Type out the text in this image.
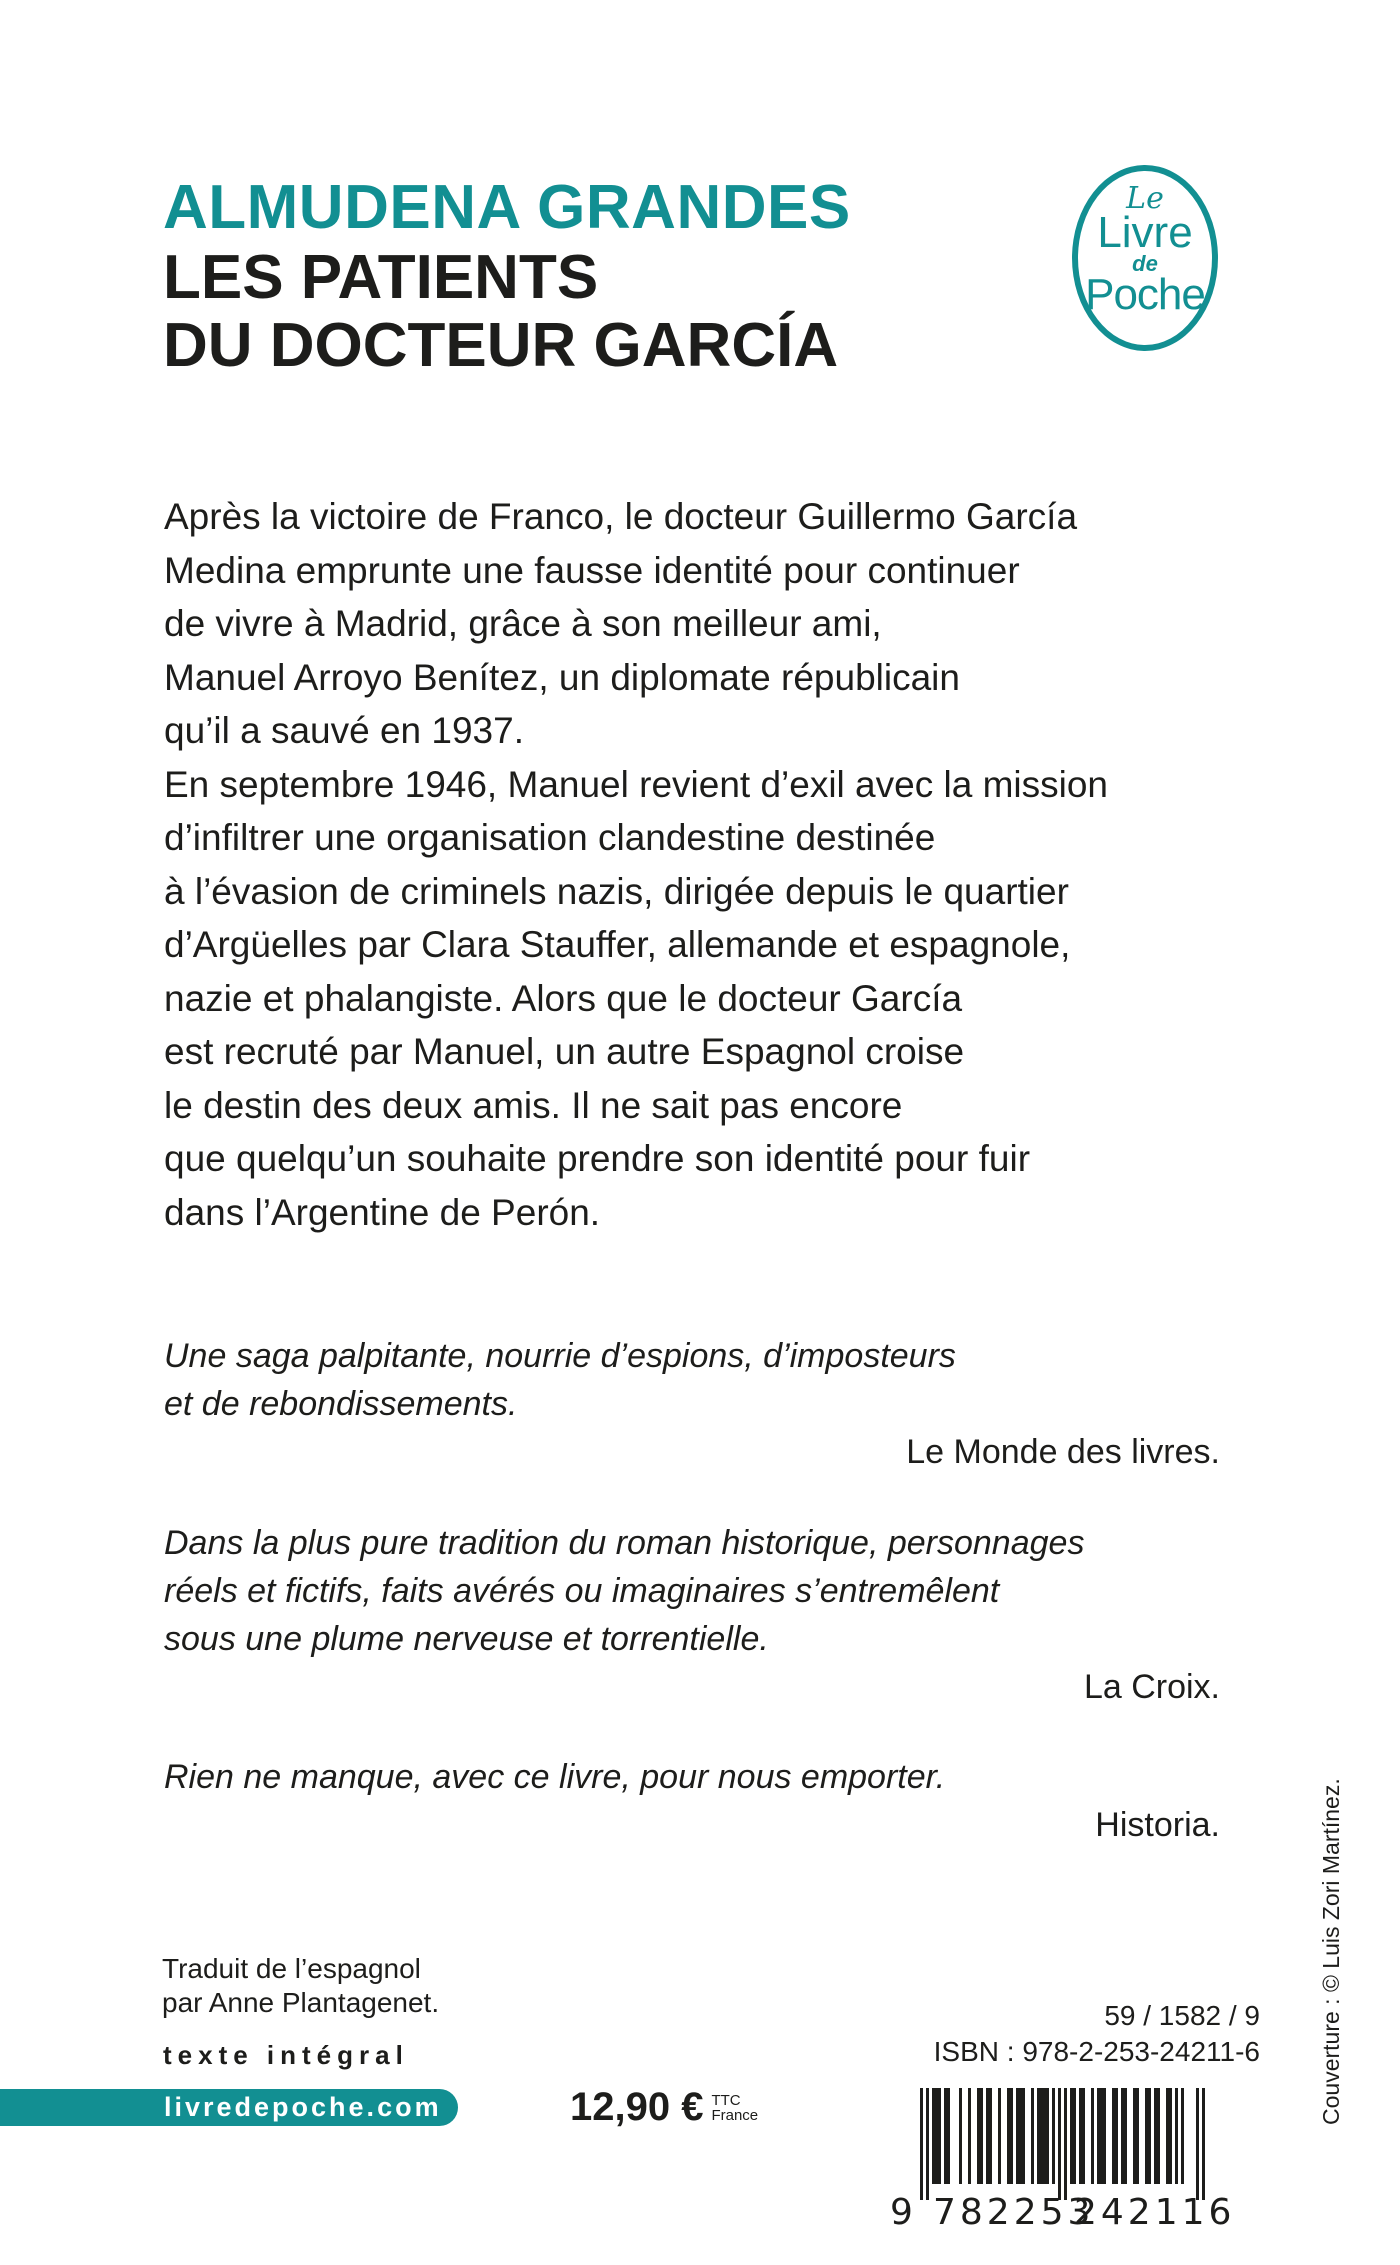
ALMUDENA GRANDES
LES PATIENTS
DU DOCTEUR GARCÍA
Le
Livre
de
Poche
Après la victoire de Franco, le docteur Guillermo García
Medina emprunte une fausse identité pour continuer
de vivre à Madrid, grâce à son meilleur ami,
Manuel Arroyo Benítez, un diplomate républicain
qu’il a sauvé en 1937.
En septembre 1946, Manuel revient d’exil avec la mission
d’infiltrer une organisation clandestine destinée
à l’évasion de criminels nazis, dirigée depuis le quartier
d’Argüelles par Clara Stauffer, allemande et espagnole,
nazie et phalangiste. Alors que le docteur García
est recruté par Manuel, un autre Espagnol croise
le destin des deux amis. Il ne sait pas encore
que quelqu’un souhaite prendre son identité pour fuir
dans l’Argentine de Perón.
Une saga palpitante, nourrie d’espions, d’imposteurs
et de rebondissements.
Le Monde des livres.
Dans la plus pure tradition du roman historique, personnages
réels et fictifs, faits avérés ou imaginaires s’entremêlent
sous une plume nerveuse et torrentielle.
La Croix.
Rien ne manque, avec ce livre, pour nous emporter.
Historia.
Traduit de l’espagnol
par Anne Plantagenet.
texte intégral
livredepoche.com	12,90 € TTC
France
59 / 1582 / 9
ISBN : 978-2-253-24211-6
9 782253
242116
Couverture : © Luis Zori Martínez.
